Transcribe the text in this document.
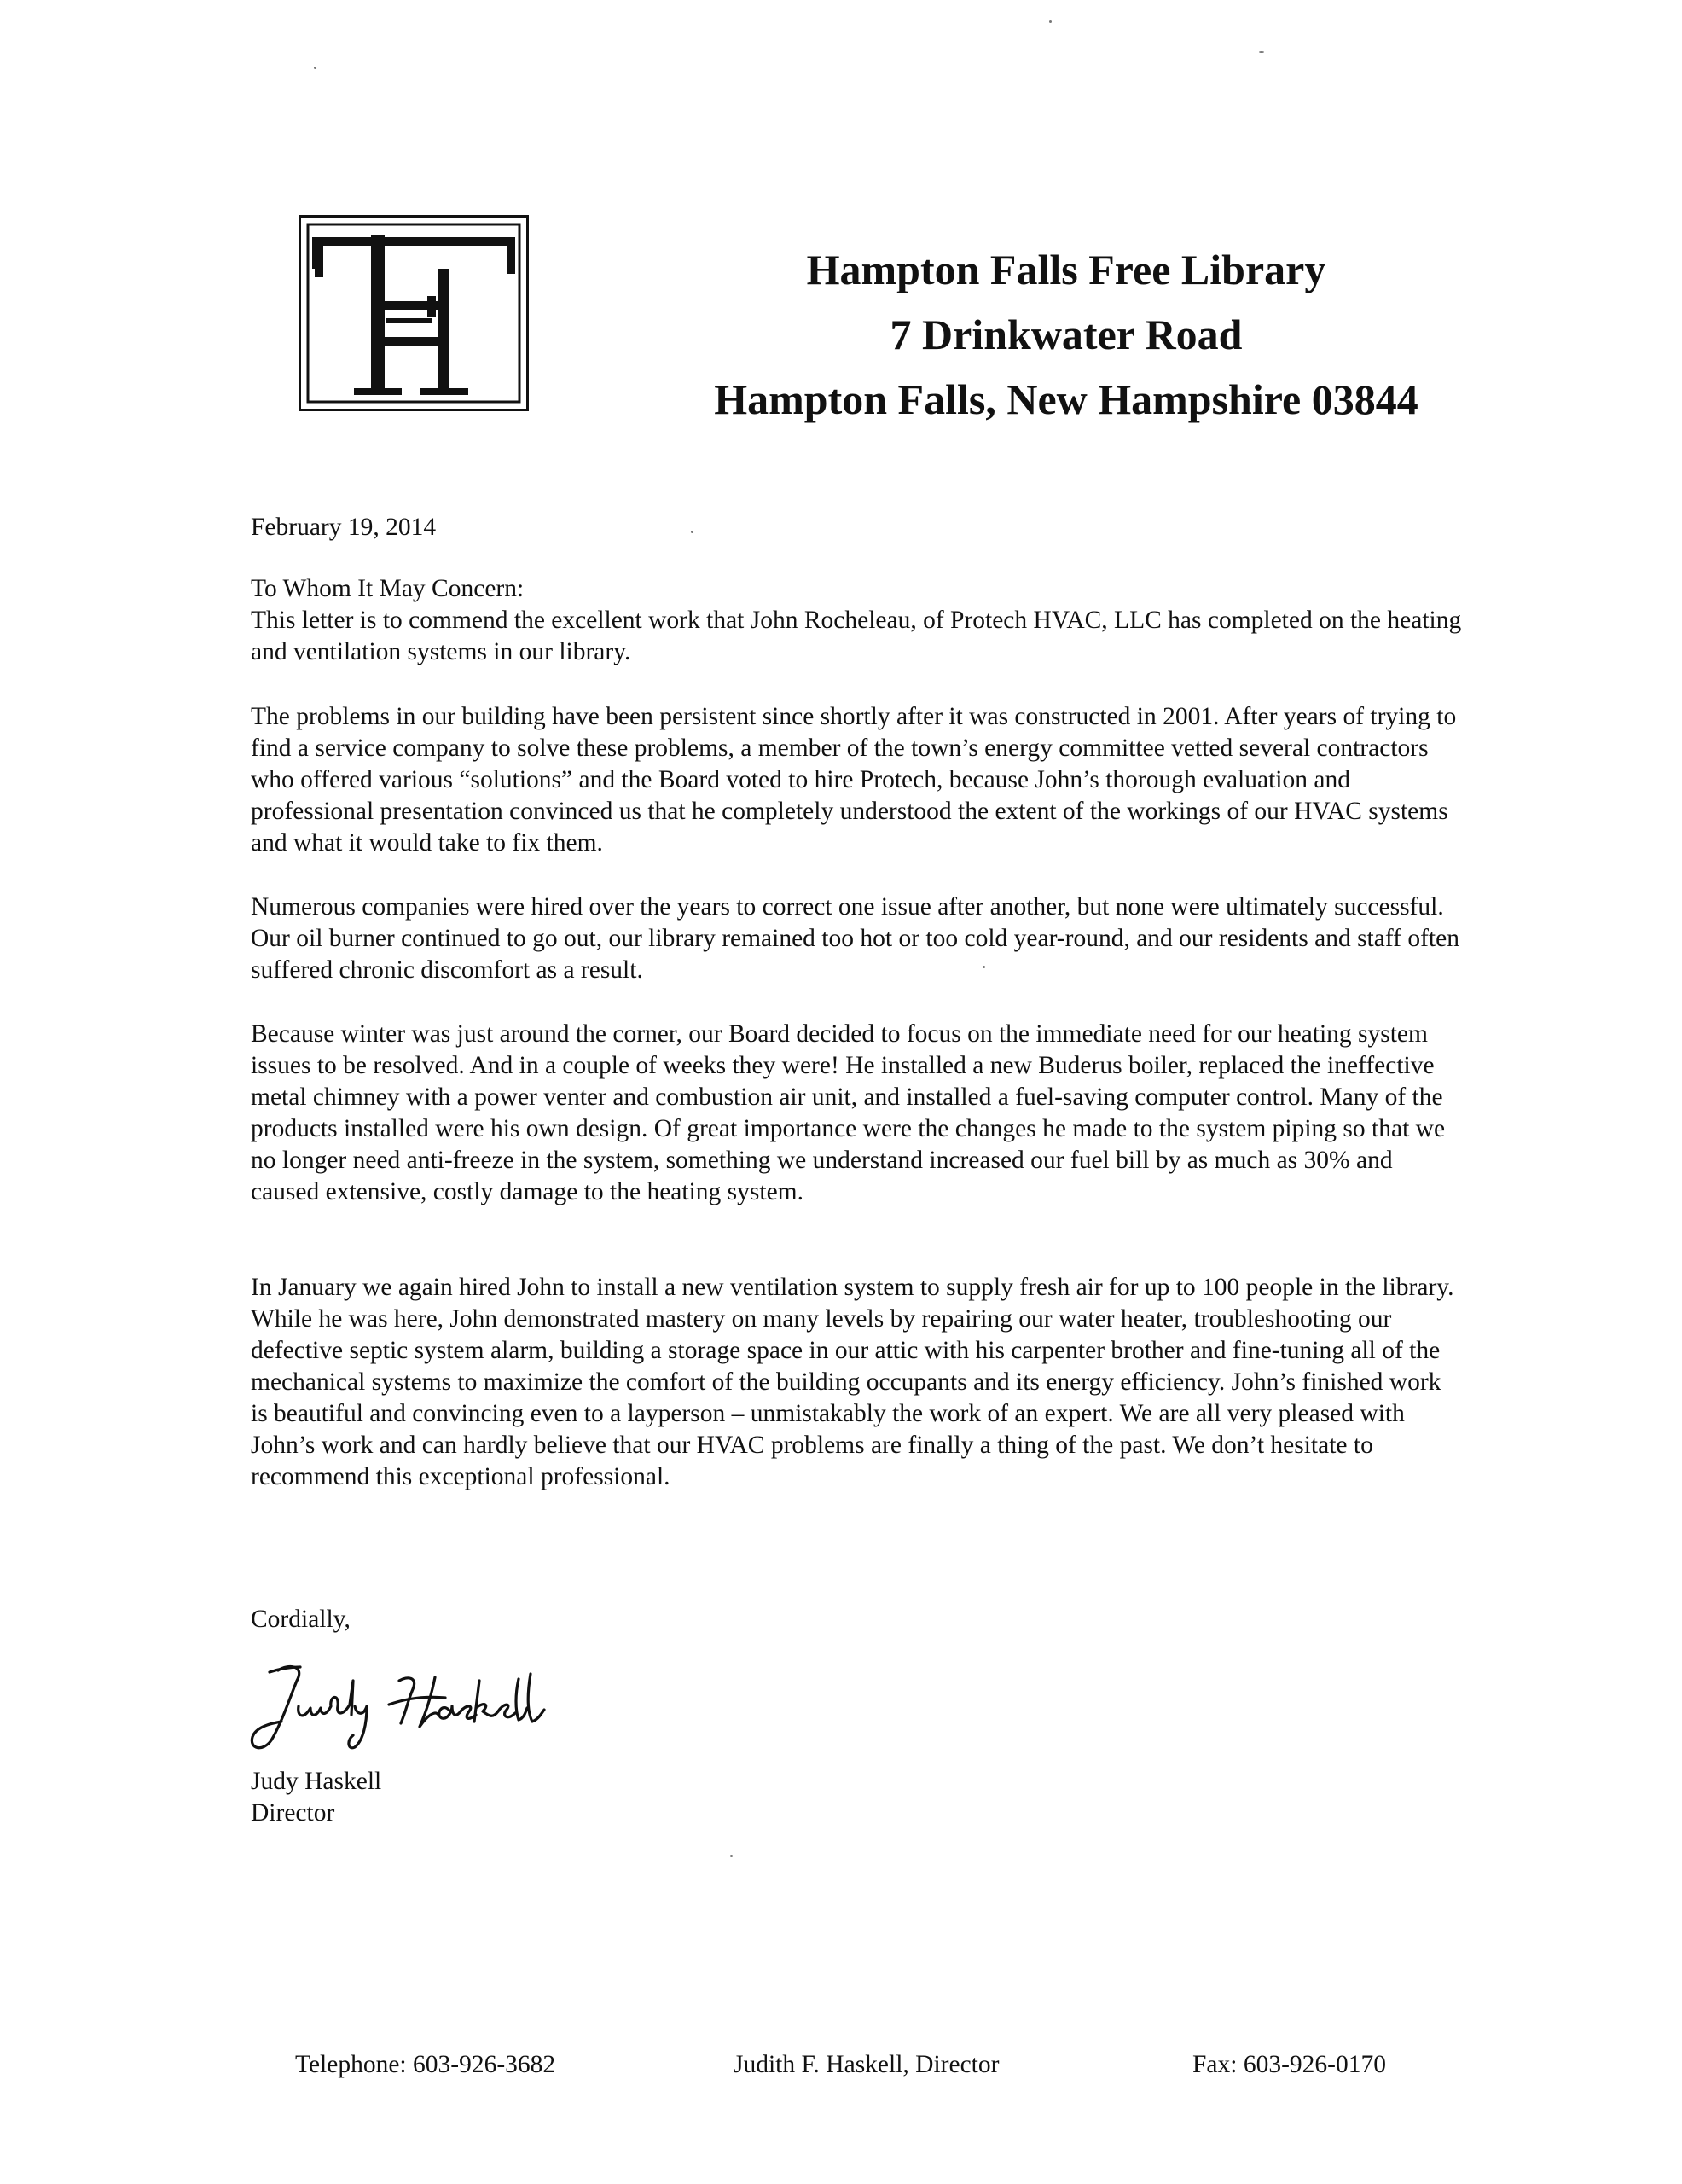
Hampton Falls Free Library
7 Drinkwater Road
Hampton Falls, New Hampshire 03844
February 19, 2014
To Whom It May Concern:
This letter is to commend the excellent work that John Rocheleau, of Protech HVAC, LLC has completed on the heating and ventilation systems in our library.
The problems in our building have been persistent since shortly after it was constructed in 2001. After years of trying to find a service company to solve these problems, a member of the town’s energy committee vetted several contractors who offered various “solutions” and the Board voted to hire Protech, because John’s thorough evaluation and professional presentation convinced us that he completely understood the extent of the workings of our HVAC systems and what it would take to fix them.
Numerous companies were hired over the years to correct one issue after another, but none were ultimately successful. Our oil burner continued to go out, our library remained too hot or too cold year-round, and our residents and staff often suffered chronic discomfort as a result.
Because winter was just around the corner, our Board decided to focus on the immediate need for our heating system issues to be resolved. And in a couple of weeks they were! He installed a new Buderus boiler, replaced the ineffective metal chimney with a power venter and combustion air unit, and installed a fuel-saving computer control. Many of the products installed were his own design. Of great importance were the changes he made to the system piping so that we no longer need anti-freeze in the system, something we understand increased our fuel bill by as much as 30% and caused extensive, costly damage to the heating system.
In January we again hired John to install a new ventilation system to supply fresh air for up to 100 people in the library. While he was here, John demonstrated mastery on many levels by repairing our water heater, troubleshooting our defective septic system alarm, building a storage space in our attic with his carpenter brother and fine-tuning all of the mechanical systems to maximize the comfort of the building occupants and its energy efficiency. John’s finished work is beautiful and convincing even to a layperson – unmistakably the work of an expert. We are all very pleased with John’s work and can hardly believe that our HVAC problems are finally a thing of the past. We don’t hesitate to recommend this exceptional professional.
Cordially,
Judy Haskell
Director
Telephone: 603-926-3682	Judith F. Haskell, Director	Fax: 603-926-0170
